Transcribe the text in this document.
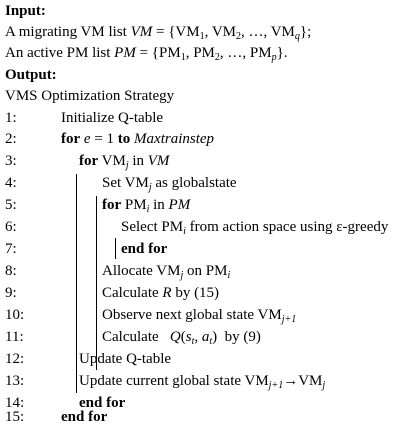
Input:
A migrating VM list VM = {$VM_1$, $VM_2$, …, $VM_q$};
An active PM list PM = {$PM_1$, $PM_2$, …, $PM_p$}.
Output:
VMS Optimization Strategy
1:	Initialize Q-table
2:	for e = 1 to Maxtrainstep
3:	for $VM_j$ in VM
4:	Set $VM_j$ as globalstate
5:	for $PM_i$ in PM
6:	Select $PM_i$ from action space using ε-greedy
7:	end for
8:	Allocate $VM_j$ on $PM_i$
9:	Calculate R by (15)
10:	Observe next global state $VM_{j+1}$
11:	Calculate   $Q(s_t$, $a_t$)  by (9)
12:	Update Q-table
13:	Update current global state $VM_{j+1}\to VM_j$
14:	end for
15: end for
